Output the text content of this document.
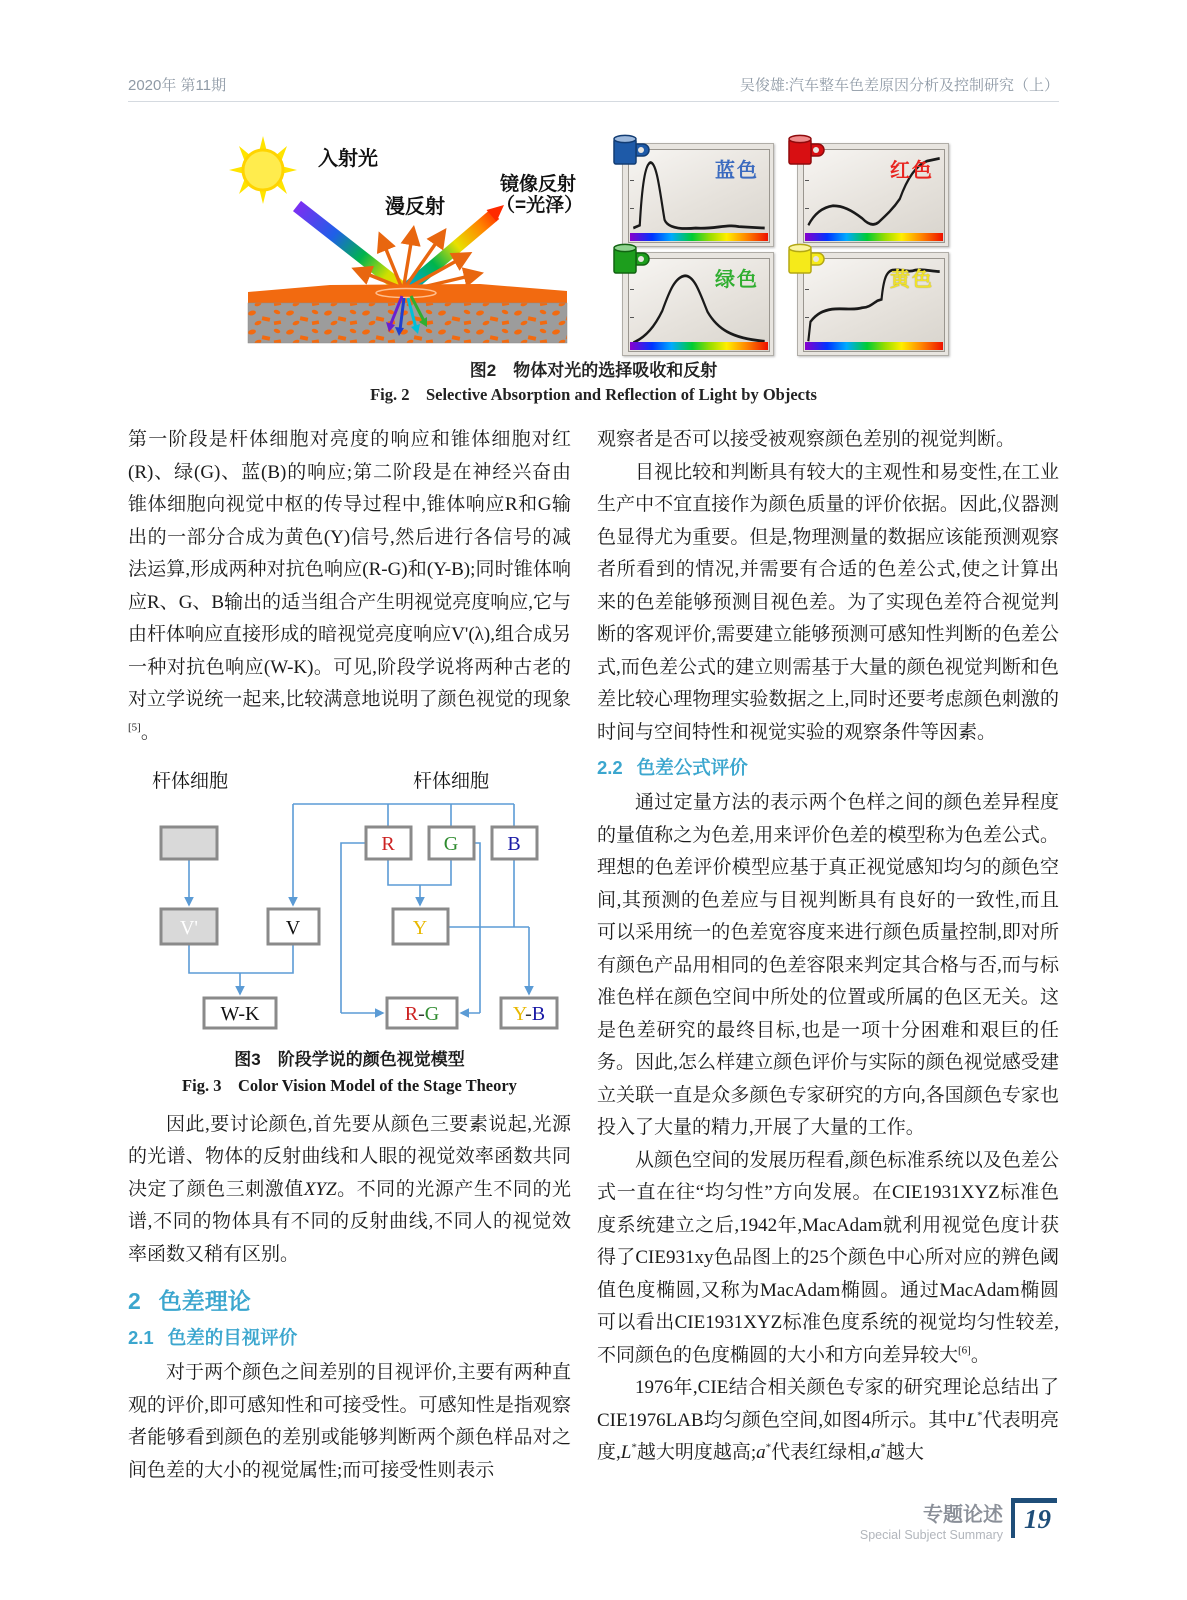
2020年 第11期	吴俊雄:汽车整车色差原因分析及控制研究（上）
入射光
漫反射
镜像反射
（=光泽）
蓝色	红色
绿色	黄色
图2　物体对光的选择吸收和反射
Fig. 2　Selective Absorption and Reflection of Light by Objects

第一阶段是杆体细胞对亮度的响应和锥体细胞对红(R)、绿(G)、蓝(B)的响应;第二阶段是在神经兴奋由锥体细胞向视觉中枢的传导过程中,锥体响应R和G输出的一部分合成为黄色(Y)信号,然后进行各信号的减法运算,形成两种对抗色响应(R-G)和(Y-B);同时锥体响应R、G、B输出的适当组合产生明视觉亮度响应,它与由杆体响应直接形成的暗视觉亮度响应V'(λ),组合成另一种对抗色响应(W-K)。可见,阶段学说将两种古老的对立学说统一起来,比较满意地说明了颜色视觉的现象[5]。

杆体细胞	杆体细胞
R G B
V'	V	Y
W-K	R-G	Y-B

图3　阶段学说的颜色视觉模型

Fig. 3　Color Vision Model of the Stage Theory

因此,要讨论颜色,首先要从颜色三要素说起,光源的光谱、物体的反射曲线和人眼的视觉效率函数共同决定了颜色三刺激值XYZ。不同的光源产生不同的光谱,不同的物体具有不同的反射曲线,不同人的视觉效率函数又稍有区别。

2 色差理论
2.1 色差的目视评价

对于两个颜色之间差别的目视评价,主要有两种直观的评价,即可感知性和可接受性。可感知性是指观察者能够看到颜色的差别或能够判断两个颜色样品对之间色差的大小的视觉属性;而可接受性则表示

观察者是否可以接受被观察颜色差别的视觉判断。

目视比较和判断具有较大的主观性和易变性,在工业生产中不宜直接作为颜色质量的评价依据。因此,仪器测色显得尤为重要。但是,物理测量的数据应该能预测观察者所看到的情况,并需要有合适的色差公式,使之计算出来的色差能够预测目视色差。为了实现色差符合视觉判断的客观评价,需要建立能够预测可感知性判断的色差公式,而色差公式的建立则需基于大量的颜色视觉判断和色差比较心理物理实验数据之上,同时还要考虑颜色刺激的时间与空间特性和视觉实验的观察条件等因素。

2.2 色差公式评价

通过定量方法的表示两个色样之间的颜色差异程度的量值称之为色差,用来评价色差的模型称为色差公式。理想的色差评价模型应基于真正视觉感知均匀的颜色空间,其预测的色差应与目视判断具有良好的一致性,而且可以采用统一的色差宽容度来进行颜色质量控制,即对所有颜色产品用相同的色差容限来判定其合格与否,而与标准色样在颜色空间中所处的位置或所属的色区无关。这是色差研究的最终目标,也是一项十分困难和艰巨的任务。因此,怎么样建立颜色评价与实际的颜色视觉感受建立关联一直是众多颜色专家研究的方向,各国颜色专家也投入了大量的精力,开展了大量的工作。

从颜色空间的发展历程看,颜色标准系统以及色差公式一直在往“均匀性”方向发展。在CIE1931XYZ标准色度系统建立之后,1942年,MacAdam就利用视觉色度计获得了CIE931xy色品图上的25个颜色中心所对应的辨色阈值色度椭圆,又称为MacAdam椭圆。通过MacAdam椭圆可以看出CIE1931XYZ标准色度系统的视觉均匀性较差,不同颜色的色度椭圆的大小和方向差异较大[6]。

1976年,CIE结合相关颜色专家的研究理论总结出了CIE1976LAB均匀颜色空间,如图4所示。其中L*代表明亮度,L*越大明度越高;a*代表红绿相,a*越大

专题论述
Special Subject Summary
19
